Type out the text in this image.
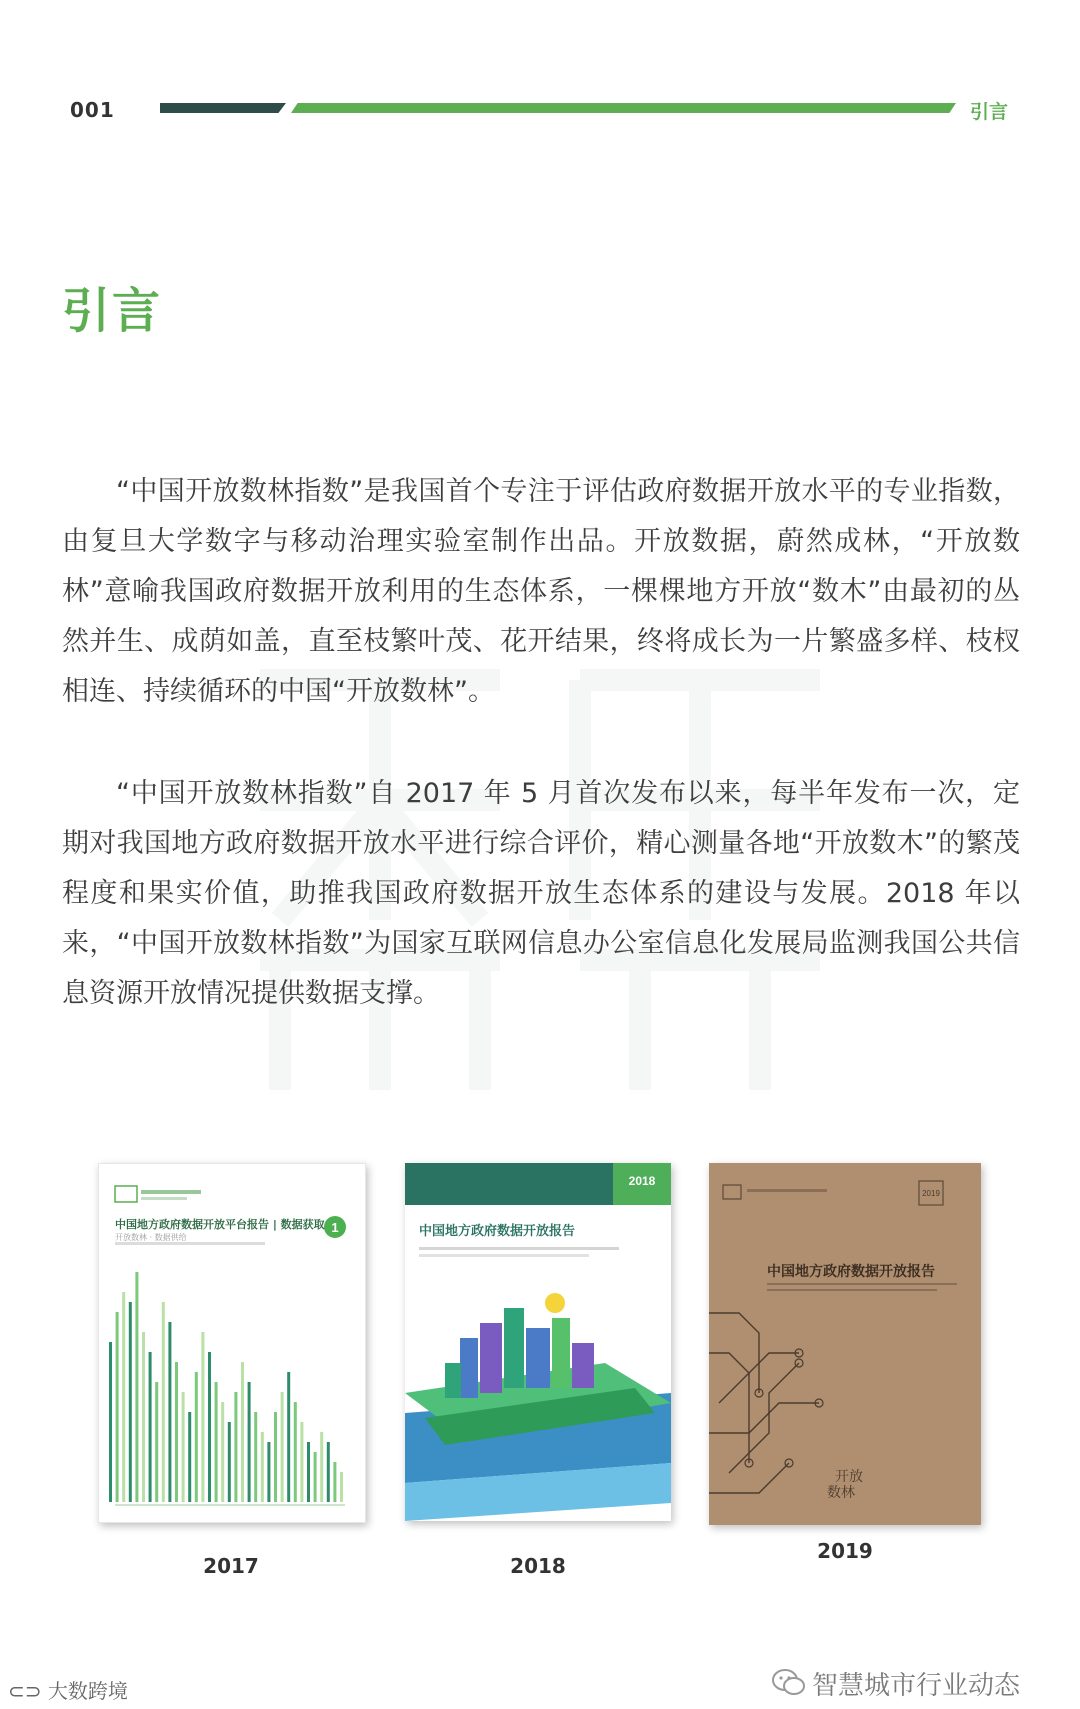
001	引言
引言

“中国开放数林指数”是我国首个专注于评估政府数据开放水平的专业指数，由复旦大学数字与移动治理实验室制作出品。开放数据，蔚然成林，“开放数林”意喻我国政府数据开放利用的生态体系，一棵棵地方开放“数木”由最初的丛然并生、成荫如盖，直至枝繁叶茂、花开结果，终将成长为一片繁盛多样、枝杈相连、持续循环的中国“开放数林”。

“中国开放数林指数”自 2017 年 5 月首次发布以来，每半年发布一次，定期对我国地方政府数据开放水平进行综合评价，精心测量各地“开放数木”的繁茂程度和果实价值，助推我国政府数据开放生态体系的建设与发展。2018 年以来，“中国开放数林指数”为国家互联网信息办公室信息化发展局监测我国公共信息资源开放情况提供数据支撑。

1
中国地方政府数据开放平台报告 | 数据获取
开放数林 · 数据供给
2017
2018
中国地方政府数据开放报告
2018
2019
开放
数林
中国地方政府数据开放报告
2019
⊂⊃ 大数跨境	智慧城市行业动态
